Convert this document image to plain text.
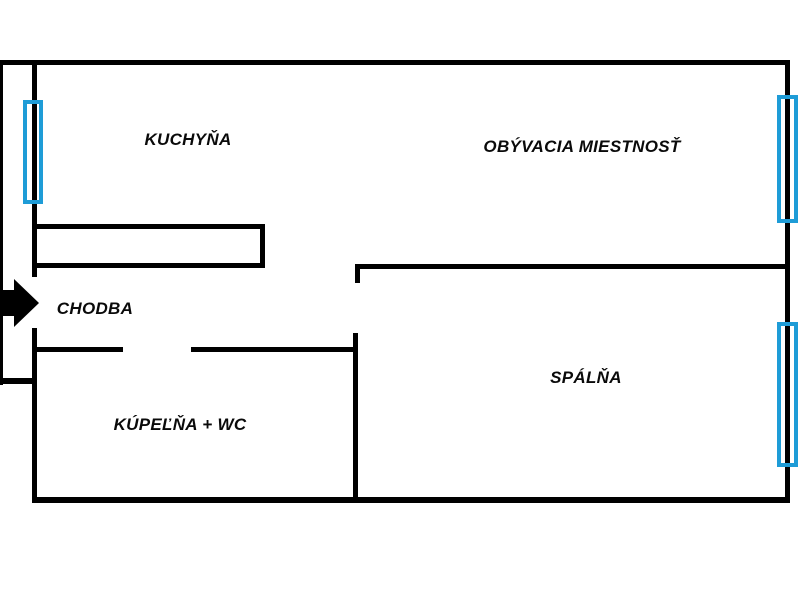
KUCHYŇA	OBÝVACIA MIESTNOSŤ
CHODBA
KÚPEĽŇA + WC
SPÁLŇA
